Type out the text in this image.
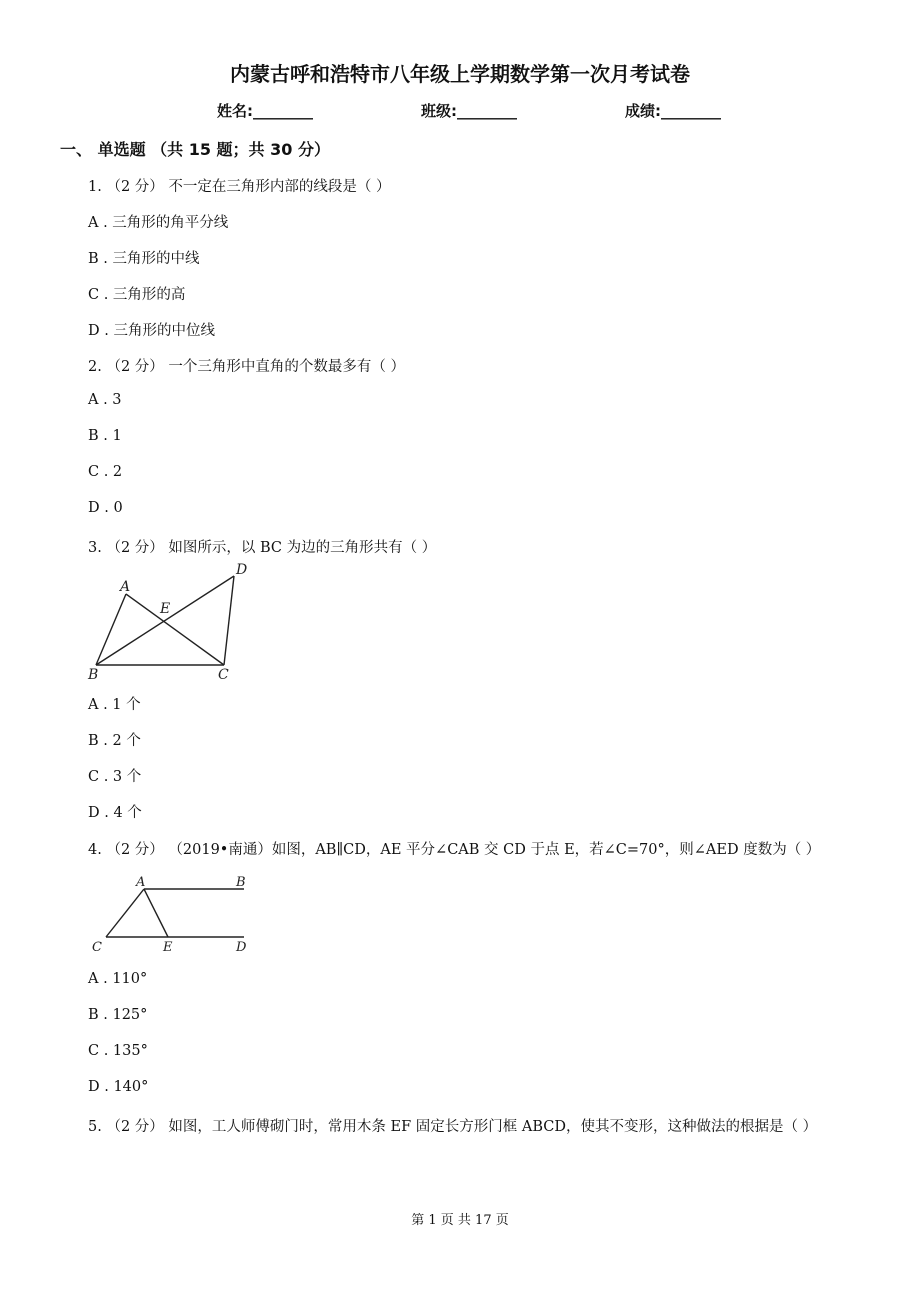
内蒙古呼和浩特市八年级上学期数学第一次月考试卷
姓名:________	班级:________	成绩:________
一、 单选题 （共 15 题；共 30 分）
1. （2 分） 不一定在三角形内部的线段是（ ）
A . 三角形的角平分线
B . 三角形的中线
C . 三角形的高
D . 三角形的中位线
2. （2 分） 一个三角形中直角的个数最多有（ ）
A . 3
B . 1
C . 2
D . 0
3. （2 分） 如图所示，以 BC 为边的三角形共有（ ）
A
D
E
B	C
A . 1 个
B . 2 个
C . 3 个
D . 4 个
4. （2 分） （2019•南通）如图，AB∥CD，AE 平分∠CAB 交 CD 于点 E，若∠C=70°，则∠AED 度数为（ ）
A	B
C	E	D
A . 110°
B . 125°
C . 135°
D . 140°
5. （2 分） 如图，工人师傅砌门时，常用木条 EF 固定长方形门框 ABCD，使其不变形，这种做法的根据是（ ）
第 1 页 共 17 页
